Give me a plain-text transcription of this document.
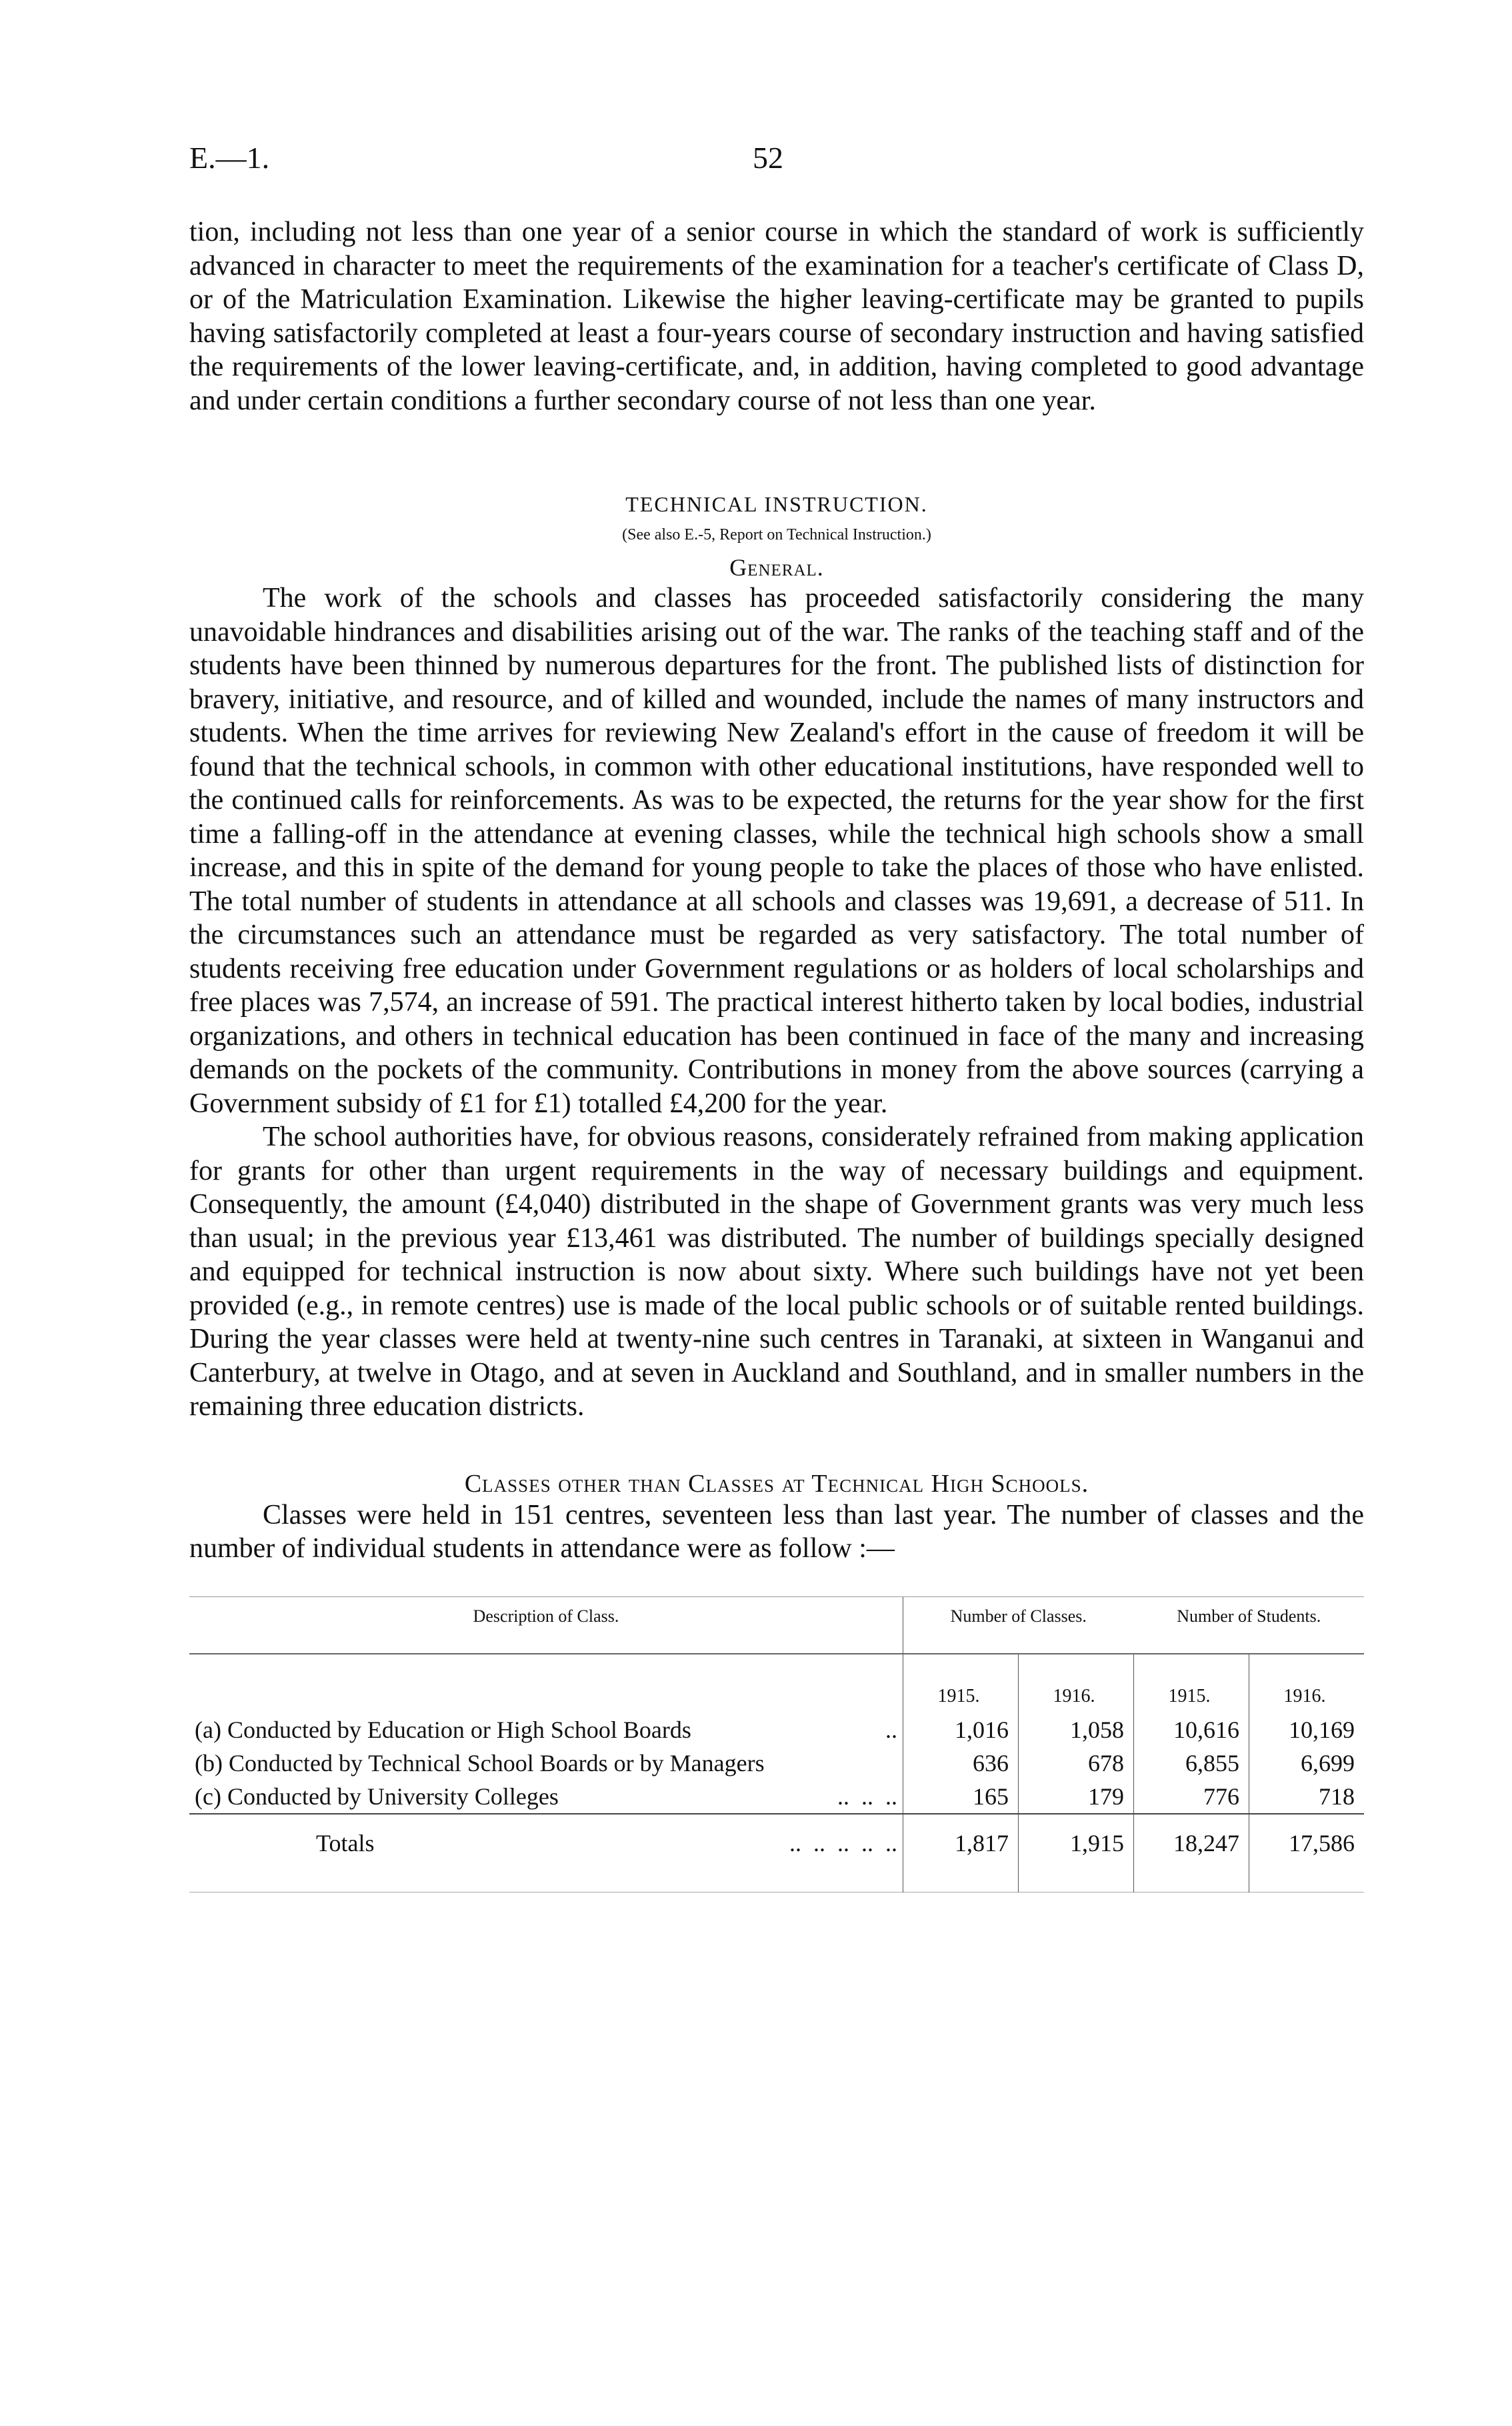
E.—1.	52

tion, including not less than one year of a senior course in which the standard of work is sufficiently advanced in character to meet the requirements of the examination for a teacher's certificate of Class D, or of the Matriculation Examination. Likewise the higher leaving-certificate may be granted to pupils having satisfactorily completed at least a four-years course of secondary instruction and having satisfied the requirements of the lower leaving-certificate, and, in addition, having completed to good advantage and under certain conditions a further secondary course of not less than one year.

TECHNICAL INSTRUCTION.
(See also E.-5, Report on Technical Instruction.)
General.

The work of the schools and classes has proceeded satisfactorily considering the many unavoidable hindrances and disabilities arising out of the war. The ranks of the teaching staff and of the students have been thinned by numerous departures for the front. The published lists of distinction for bravery, initiative, and resource, and of killed and wounded, include the names of many instructors and students. When the time arrives for reviewing New Zealand's effort in the cause of freedom it will be found that the technical schools, in common with other educational institutions, have responded well to the continued calls for reinforcements. As was to be expected, the returns for the year show for the first time a falling-off in the attendance at evening classes, while the technical high schools show a small increase, and this in spite of the demand for young people to take the places of those who have enlisted. The total number of students in attendance at all schools and classes was 19,691, a decrease of 511. In the circumstances such an attendance must be regarded as very satisfactory. The total number of students receiving free education under Government regulations or as holders of local scholarships and free places was 7,574, an increase of 591. The practical interest hitherto taken by local bodies, industrial organizations, and others in technical education has been continued in face of the many and increasing demands on the pockets of the community. Contributions in money from the above sources (carrying a Government subsidy of £1 for £1) totalled £4,200 for the year.

The school authorities have, for obvious reasons, considerately refrained from making application for grants for other than urgent requirements in the way of necessary buildings and equipment. Consequently, the amount (£4,040) distributed in the shape of Government grants was very much less than usual; in the previous year £13,461 was distributed. The number of buildings specially designed and equipped for technical instruction is now about sixty. Where such buildings have not yet been provided (e.g., in remote centres) use is made of the local public schools or of suitable rented buildings. During the year classes were held at twenty-nine such centres in Taranaki, at sixteen in Wanganui and Canterbury, at twelve in Otago, and at seven in Auckland and Southland, and in smaller numbers in the remaining three education districts.

Classes other than Classes at Technical High Schools.

Classes were held in 151 centres, seventeen less than last year. The number of classes and the number of individual students in attendance were as follow :—

Description of Class.	Number of Classes.		Number of Students.	
	1915.	1916.	1915.	1916.
(a) Conducted by Education or High School Boards ..	1,016	1,058	10,616	10,169
(b) Conducted by Technical School Boards or by Managers	636	678	6,855	6,699
(c) Conducted by University Colleges ..  ..  ..	165	179	776	718
Totals ..  ..  ..  ..  ..	1,817	1,915	18,247	17,586
